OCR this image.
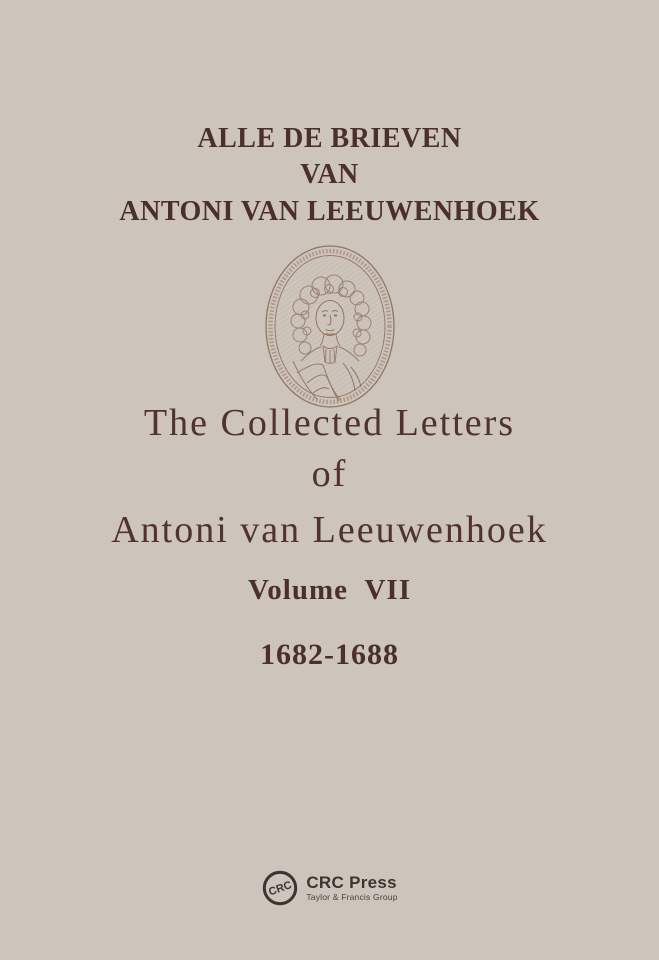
ALLE DE BRIEVEN
VAN
ANTONI VAN LEEUWENHOEK
The Collected Letters
of
Antoni van Leeuwenhoek
Volume  VII
1682-1688
CRC CRC Press
Taylor & Francis Group
